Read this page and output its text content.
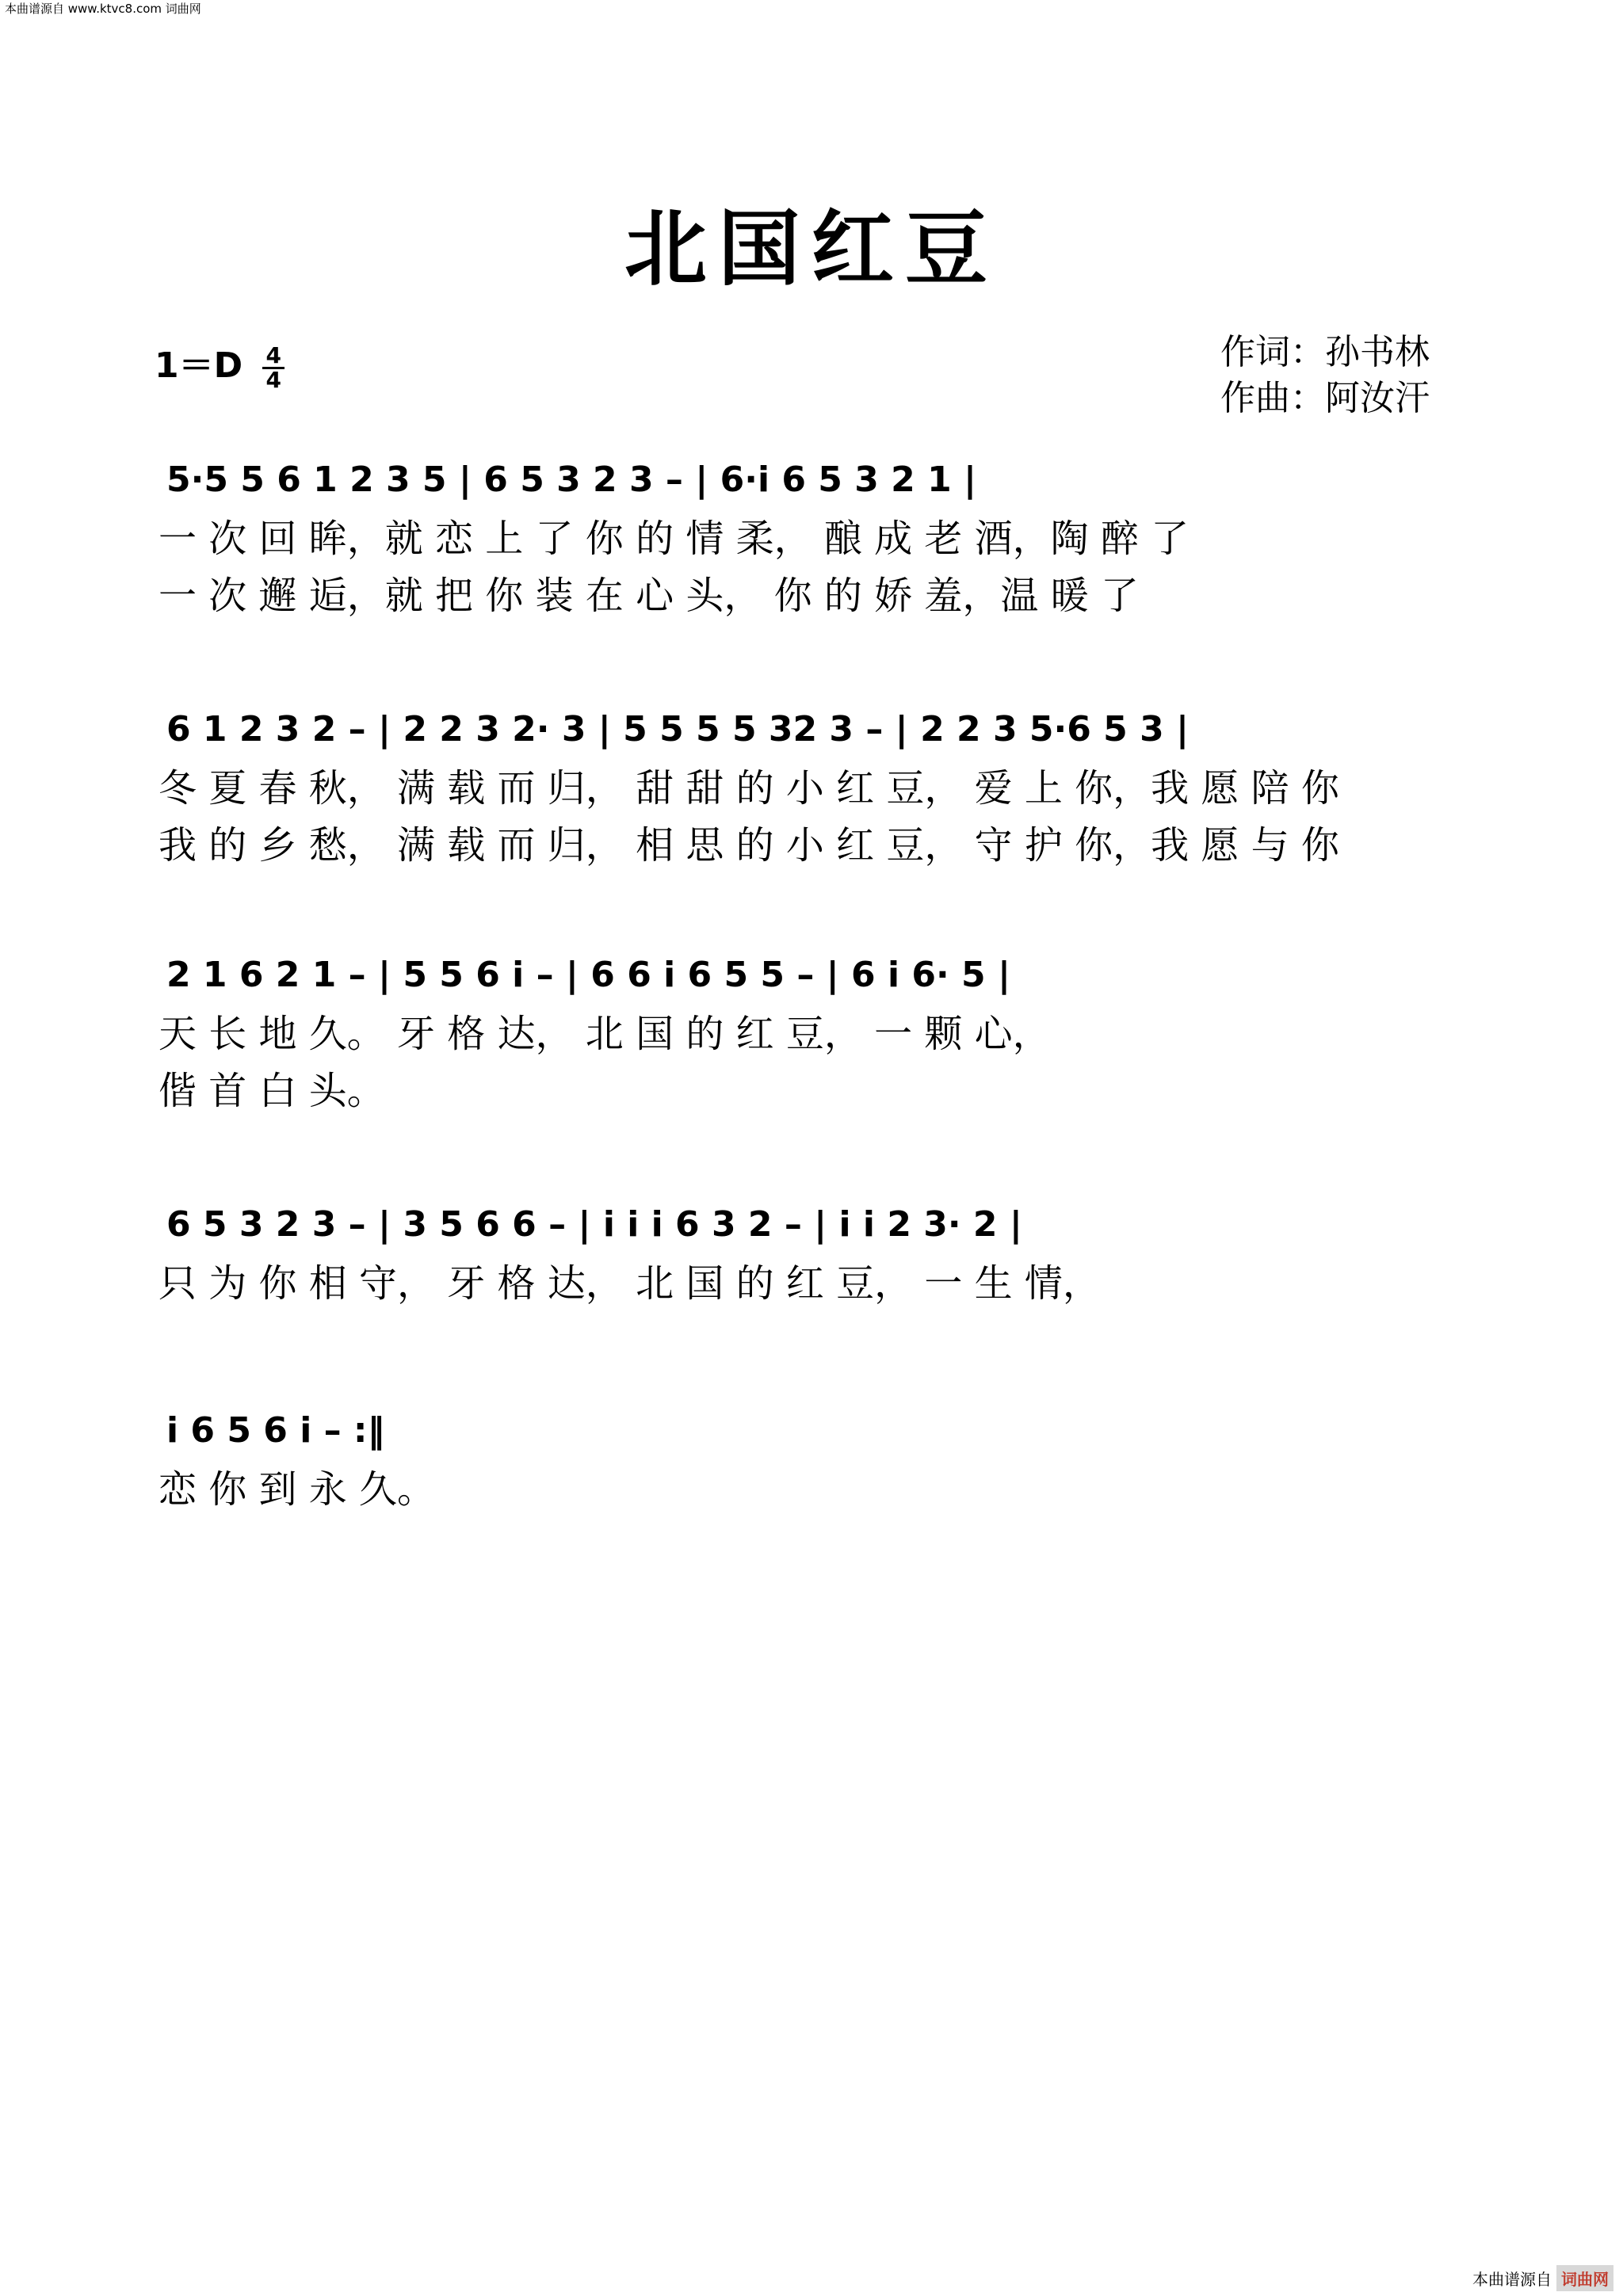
本曲谱源自 www.ktvc8.com 词曲网
北国红豆
$1=D \frac{4}{4}$	作词：孙书林
作曲：阿汝汗
5·5 5 6 1 2 3 5 | 6 5 3 2 3 – | 6·i 6 5 3 2 1 |
一 次 回 眸，就 恋 上 了 你 的 情 柔， 酿 成 老 酒，陶 醉 了
一 次 邂 逅，就 把 你 装 在 心 头， 你 的 娇 羞，温 暖 了
6 1 2 3 2 – | 2 2 3 2· 3 | 5 5 5 5 32 3 – | 2 2 3 5·6 5 3 |
冬 夏 春 秋， 满 载 而 归， 甜 甜 的 小 红 豆， 爱 上 你，我 愿 陪 你
我 的 乡 愁， 满 载 而 归， 相 思 的 小 红 豆， 守 护 你，我 愿 与 你
2 1 6 2 1 – | 5 5 6 i – | 6 6 i 6 5 5 – | 6 i 6· 5 |
天 长 地 久。 牙 格 达， 北 国 的 红 豆， 一 颗 心，
偕 首 白 头。
6 5 3 2 3 – | 3 5 6 6 – | i i i 6 3 2 – | i i 2 3· 2 |
只 为 你 相 守， 牙 格 达， 北 国 的 红 豆， 一 生 情，
i 6 5 6 i – :‖
恋 你 到 永 久。
本曲谱源自 词曲网
